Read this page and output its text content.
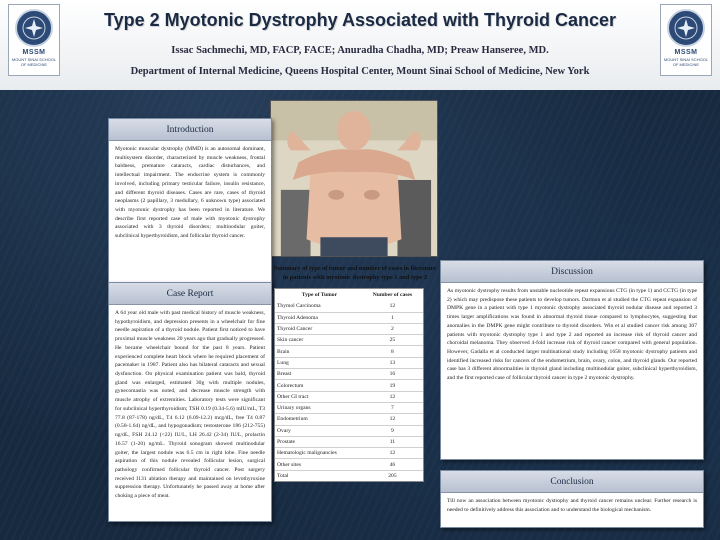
MSSM
MOUNT SINAI SCHOOL OF MEDICINE
Type 2 Myotonic Dystrophy Associated with Thyroid Cancer
Issac Sachmechi, MD, FACP, FACE; Anuradha Chadha, MD; Preaw Hanseree, MD.
Department of Internal Medicine, Queens Hospital Center, Mount Sinai School of Medicine, New York
MSSM
MOUNT SINAI SCHOOL OF MEDICINE
Introduction
Myotonic muscular dystrophy (MMD) is an autosomal dominant, multisystem disorder, characterized by muscle weakness, frontal baldness, premature cataracts, cardiac disturbances, and intellectual impairment. The endocrine system is commonly involved, including primary testicular failure, insulin resistance, and different thyroid diseases. Cases are rare, cases of thyroid neoplasms (2 papillary, 3 medullary, 6 unknown type) associated with myotonic dystrophy has been reported in literature. We describe first reported case of male with myotonic dystrophy associated with 3 thyroid disorders; multinodular goiter, subclinical hyperthyroidism, and follicular thyroid cancer.
Case Report
A 64 year old male with past medical history of muscle weakness, hypothyroidism, and depression presents in a wheelchair for fine needle aspiration of a thyroid nodule. Patient first noticed to have proximal muscle weakness 20 years ago that gradually progressed. He became wheelchair bound for the past 8 years. Patient experienced complete heart block where he required placement of pacemaker in 1987. Patient also has bilateral cataracts and sexual dysfunction. On physical examination patient was bald, thyroid gland was enlarged, estimated 30g with multiple nodules, gynecomastia was noted, and decrease muscle strength with muscle atrophy of extremities. Laboratory tests were significant for subclinical hyperthyroidism; TSH 0.19 (0.34-5.6) mIU/mL, T3 77.8 (87-178) ng/dL, T4 6.12 (6.09-12.2) mcg/dL, free T4 0.87 (0.58-1.64) ng/dL, and hypogonadism; testosterone 186 (212-755) ng/dL, FSH 24.12 (<22) IU/L, LH 26.42 (2-34) IU/L, prolactin 16.57 (1-20) ng/mL. Thyroid sonogram showed multinodular goiter, the largest nodule was 6.5 cm in right lobe. Fine needle aspiration of this nodule revealed follicular lesion, surgical pathology confirmed follicular thyroid cancer. Post surgery received I131 ablation therapy and maintained on levothyroxine suppression therapy. Unfortunately he passed away at home after choking a piece of meat.
Summary of type of tumor and number of cases in literature in patients with myotonic dystrophy type 1 and type 2
Type of Tumor	Number of cases
Thymol Carcinoma	12
Thyroid Adenoma	1
Thyroid Cancer	2
Skin cancer	25
Brain	8
Lung	13
Breast	16
Colorectum	19
Other GI tract	12
Urinary organs	7
Endometrium	12
Ovary	9
Prostate	11
Hematologic malignancies	12
Other sites	46
Total	205
Discussion
As myotonic dystrophy results from unstable nucleotide repeat expansions CTG (in type 1) and CCTG (in type 2) which may predispose these patients to develop tumors. Darmon et al studied the CTG repeat expansion of DMPK gene in a patient with type 1 myotonic dystrophy associated thyroid nodular disease and reported 3 times larger amplifications was found in abnormal thyroid tissue compared to lymphocytes, suggesting that anomalies in the DMPK gene might contribute to thyroid disorders. Win et al studied cancer risk among 307 patients with myotonic dystrophy type 1 and type 2 and reported an increase risk of thyroid cancer and choroidal melanoma. They observed 4-fold increase risk of thyroid cancer compared with general population. However, Gadalla et al conducted larger multinational study including 1658 myotonic dystrophy patients and identified increased risks for cancers of the endometrium, brain, ovary, colon, and thyroid glands. Our reported case has 3 different abnormalities in thyroid gland including multinodular goiter, subclinical hyperthyroidism, and the first reported case of follicular thyroid cancer in type 2 myotonic dystrophy.
Conclusion
Till now an association between myotonic dystrophy and thyroid cancer remains unclear. Further research is needed to definitively address this association and to understand the biological mechanism.
